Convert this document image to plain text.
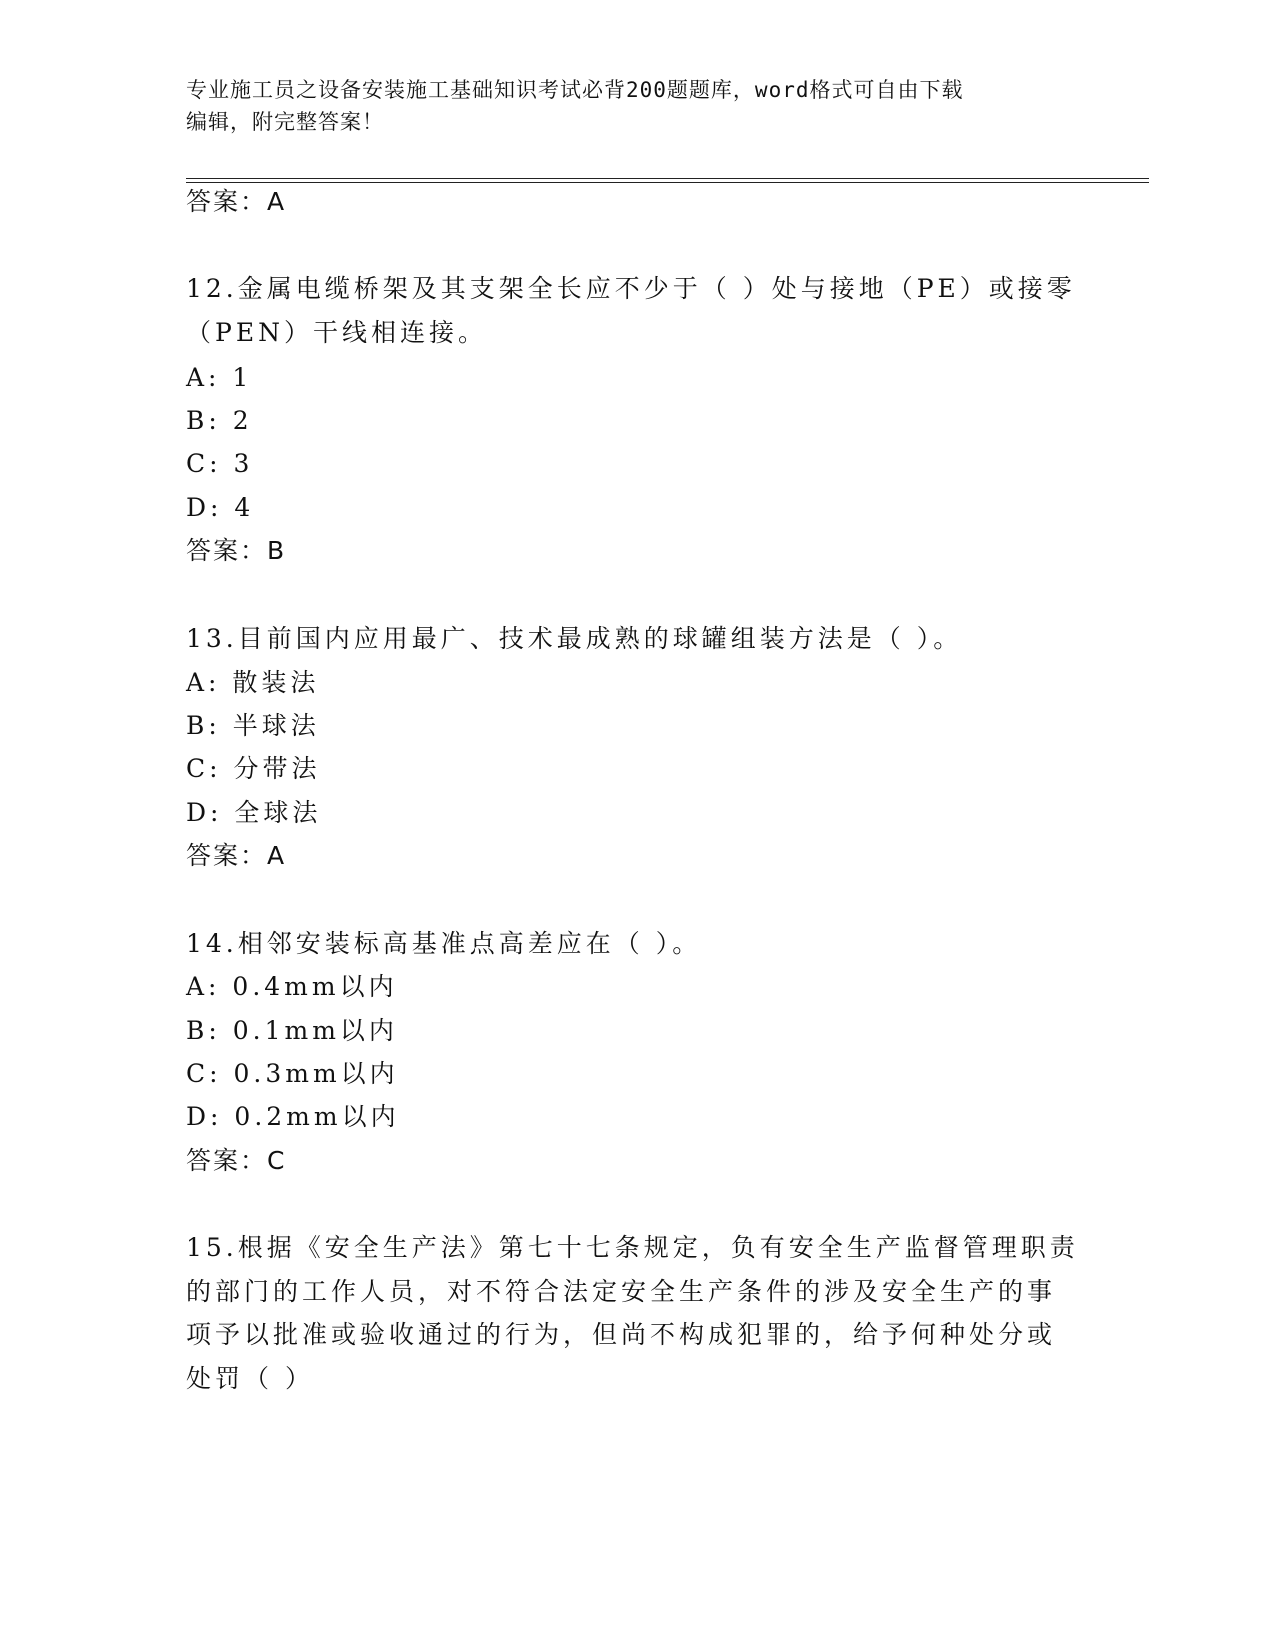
专业施工员之设备安装施工基础知识考试必背200题题库，word格式可自由下载
编辑，附完整答案！
答案：A
12.金属电缆桥架及其支架全长应不少于（ ）处与接地（PE）或接零
（PEN）干线相连接。
A: 1
B: 2
C: 3
D: 4
答案：B
13.目前国内应用最广、技术最成熟的球罐组装方法是（ ）。
A: 散装法
B: 半球法
C: 分带法
D: 全球法
答案：A
14.相邻安装标高基准点高差应在（ ）。
A: 0.4mm以内
B: 0.1mm以内
C: 0.3mm以内
D: 0.2mm以内
答案：C
15.根据《安全生产法》第七十七条规定，负有安全生产监督管理职责
的部门的工作人员，对不符合法定安全生产条件的涉及安全生产的事
项予以批准或验收通过的行为，但尚不构成犯罪的，给予何种处分或
处罚（ ）
